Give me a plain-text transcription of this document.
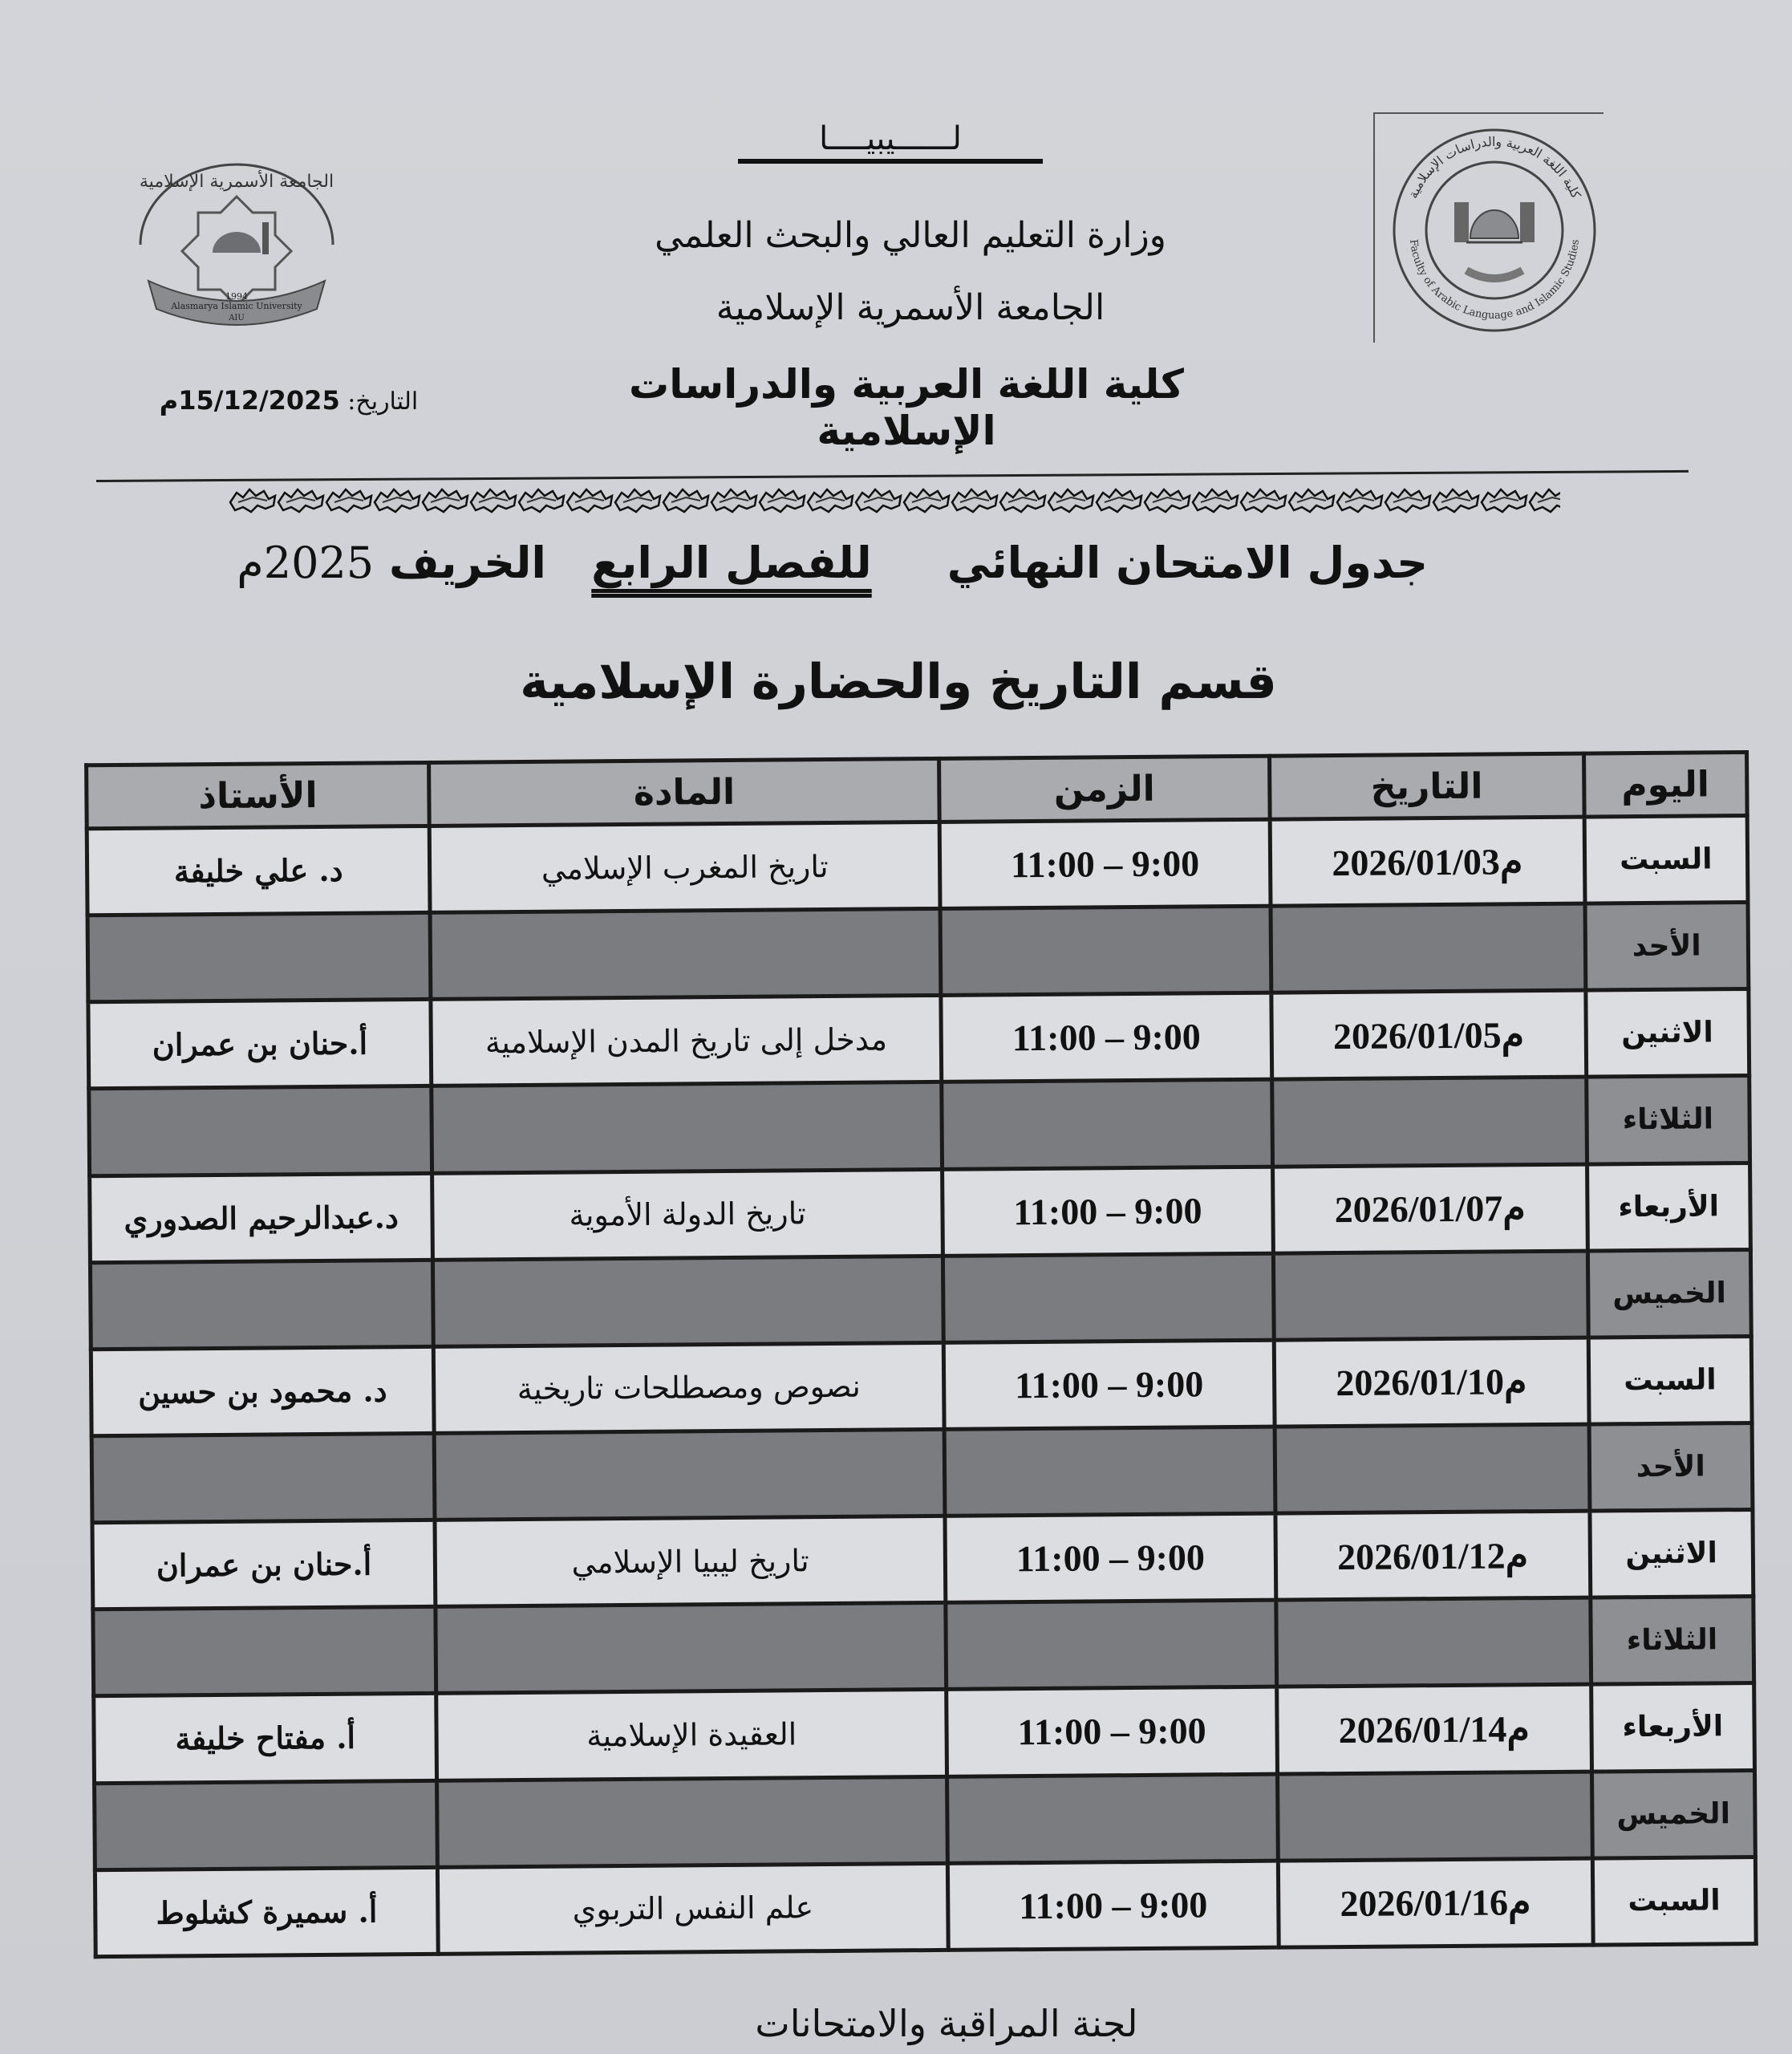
الجامعة الأسمرية الإسلامية
Alasmarya Islamic University
AIU
1994
كلية اللغة العربية والدراسات الإسلامية
Faculty of Arabic Language and Islamic Studies
لــــــيبيــــا
وزارة التعليم العالي والبحث العلمي
الجامعة الأسمرية الإسلامية
كلية اللغة العربية والدراسات الإسلامية
التاريخ: 15/12/2025م
جدول الامتحان النهائي     للفصل الرابع   الخريف 2025م
قسم التاريخ والحضارة الإسلامية
اليوم	التاريخ	الزمن	المادة	الأستاذ
السبت	2026/01/03م	11:00 – 9:00	تاريخ المغرب الإسلامي	د. علي خليفة
الأحد				
الاثنين	2026/01/05م	11:00 – 9:00	مدخل إلى تاريخ المدن الإسلامية	أ.حنان بن عمران
الثلاثاء				
الأربعاء	2026/01/07م	11:00 – 9:00	تاريخ الدولة الأموية	د.عبدالرحيم الصدوري
الخميس				
السبت	2026/01/10م	11:00 – 9:00	نصوص ومصطلحات تاريخية	د. محمود بن حسين
الأحد				
الاثنين	2026/01/12م	11:00 – 9:00	تاريخ ليبيا الإسلامي	أ.حنان بن عمران
الثلاثاء				
الأربعاء	2026/01/14م	11:00 – 9:00	العقيدة الإسلامية	أ. مفتاح خليفة
الخميس				
السبت	2026/01/16م	11:00 – 9:00	علم النفس التربوي	أ. سميرة كشلوط
لجنة المراقبة والامتحانات
